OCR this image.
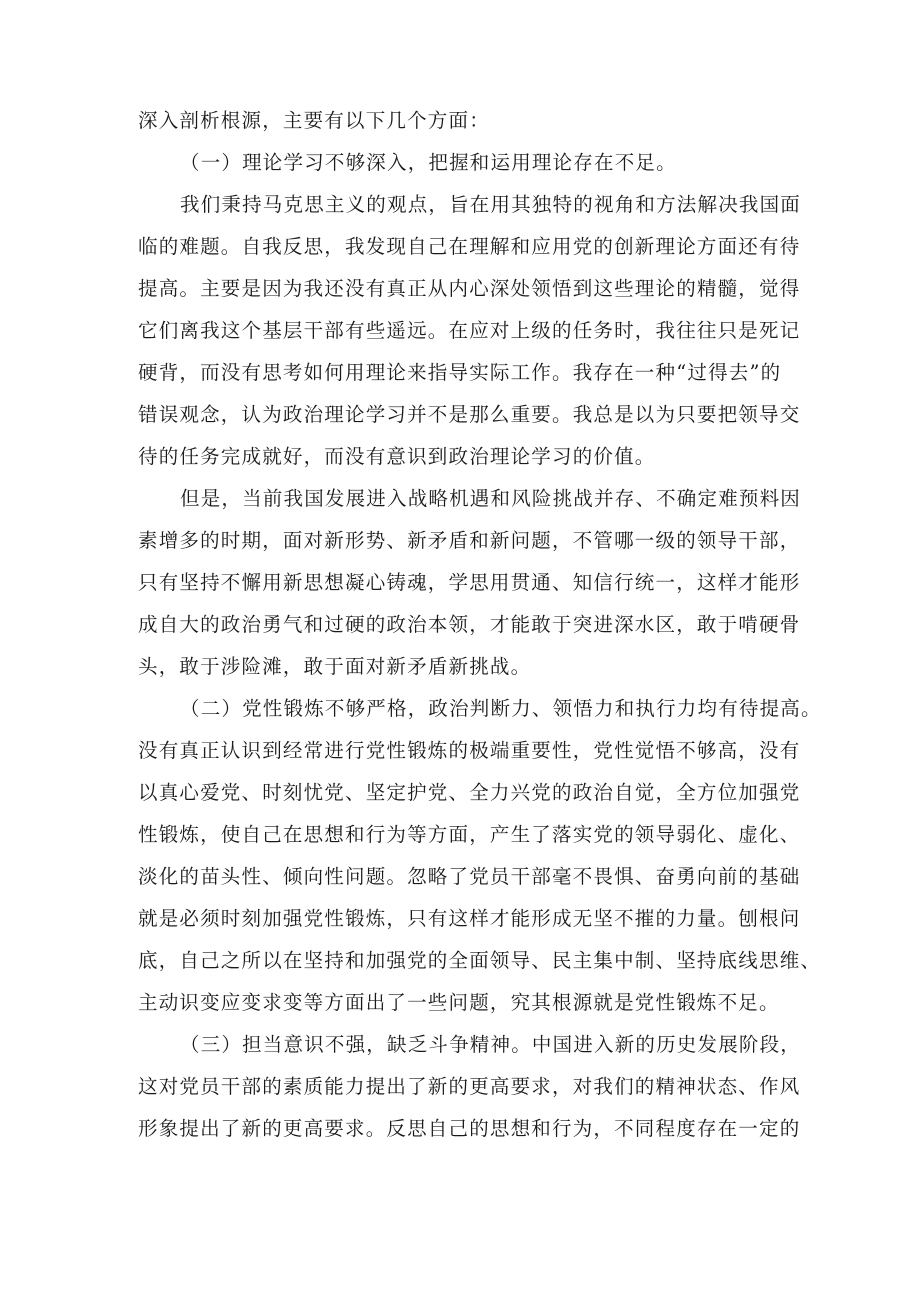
深入剖析根源，主要有以下几个方面：
（一）理论学习不够深入，把握和运用理论存在不足。
我们秉持马克思主义的观点，旨在用其独特的视角和方法解决我国面
临的难题。自我反思，我发现自己在理解和应用党的创新理论方面还有待
提高。主要是因为我还没有真正从内心深处领悟到这些理论的精髓，觉得
它们离我这个基层干部有些遥远。在应对上级的任务时，我往往只是死记
硬背，而没有思考如何用理论来指导实际工作。我存在一种“过得去”的
错误观念，认为政治理论学习并不是那么重要。我总是以为只要把领导交
待的任务完成就好，而没有意识到政治理论学习的价值。
但是，当前我国发展进入战略机遇和风险挑战并存、不确定难预料因
素增多的时期，面对新形势、新矛盾和新问题，不管哪一级的领导干部，
只有坚持不懈用新思想凝心铸魂，学思用贯通、知信行统一，这样才能形
成自大的政治勇气和过硬的政治本领，才能敢于突进深水区，敢于啃硬骨
头，敢于涉险滩，敢于面对新矛盾新挑战。
（二）党性锻炼不够严格，政治判断力、领悟力和执行力均有待提高。
没有真正认识到经常进行党性锻炼的极端重要性，党性觉悟不够高，没有
以真心爱党、时刻忧党、坚定护党、全力兴党的政治自觉，全方位加强党
性锻炼，使自己在思想和行为等方面，产生了落实党的领导弱化、虚化、
淡化的苗头性、倾向性问题。忽略了党员干部毫不畏惧、奋勇向前的基础
就是必须时刻加强党性锻炼，只有这样才能形成无坚不摧的力量。刨根问
底，自己之所以在坚持和加强党的全面领导、民主集中制、坚持底线思维、
主动识变应变求变等方面出了一些问题，究其根源就是党性锻炼不足。
（三）担当意识不强，缺乏斗争精神。中国进入新的历史发展阶段，
这对党员干部的素质能力提出了新的更高要求，对我们的精神状态、作风
形象提出了新的更高要求。反思自己的思想和行为，不同程度存在一定的
